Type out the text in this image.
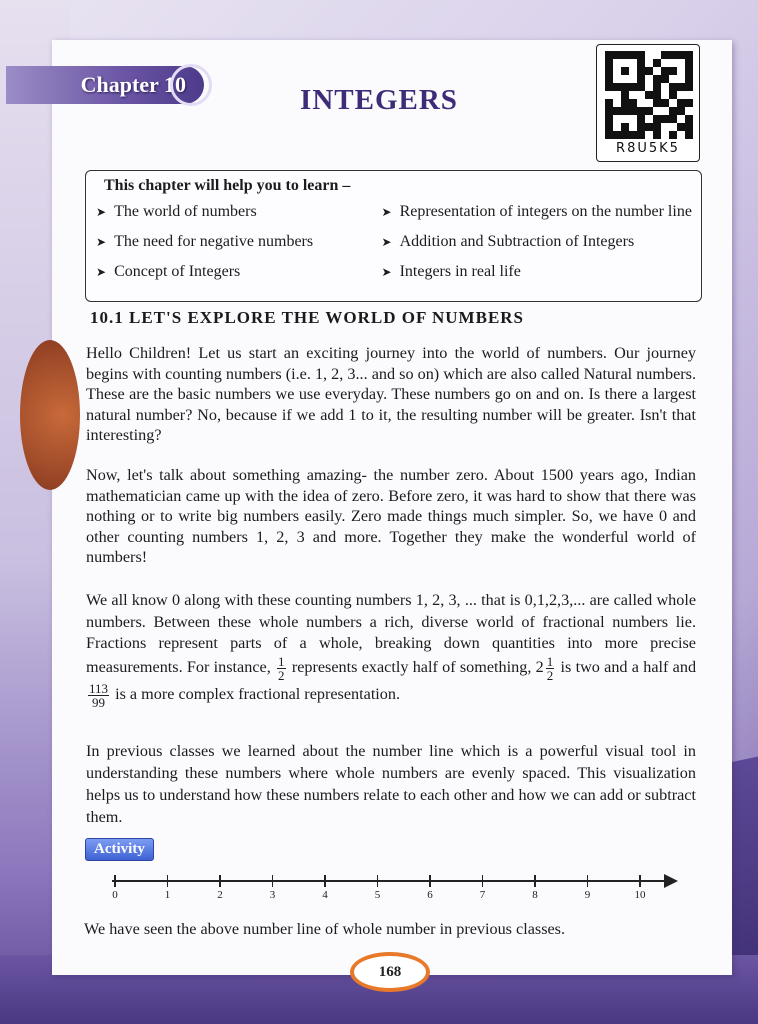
Chapter 10	INTEGERS
R8U5K5
This chapter will help you to learn –
➤ The world of numbers
➤ The need for negative numbers
➤ Concept of Integers
➤ Representation of integers on the number line
➤ Addition and Subtraction of Integers
➤ Integers in real life
10.1 LET'S EXPLORE THE WORLD OF NUMBERS

Hello Children! Let us start an exciting journey into the world of numbers. Our journey begins with counting numbers (i.e. 1, 2, 3... and so on) which are also called Natural numbers. These are the basic numbers we use everyday. These numbers go on and on. Is there a largest natural number? No, because if we add 1 to it, the resulting number will be greater. Isn't that interesting?

Now, let's talk about something amazing- the number zero. About 1500 years ago, Indian mathematician came up with the idea of zero. Before zero, it was hard to show that there was nothing or to write big numbers easily. Zero made things much simpler. So, we have 0 and other counting numbers 1, 2, 3 and more. Together they make the wonderful world of numbers!

We all know 0 along with these counting numbers 1, 2, 3, ... that is 0,1,2,3,... are called whole numbers. Between these whole numbers a rich, diverse world of fractional numbers lie. Fractions represent parts of a whole, breaking down quantities into more precise measurements. For instance, $\frac{1}{2}$ represents exactly half of something, $2 \frac{1}{2}$ is two and a half and
$\frac{113}{99}$ is a more complex fractional representation.

In previous classes we learned about the number line which is a powerful visual tool in understanding these numbers where whole numbers are evenly spaced. This visualization helps us to understand how these numbers relate to each other and how we can add or subtract them.

Activity
0	1	2	3	4	5	6	7	8	9	10

We have seen the above number line of whole number in previous classes.

168
